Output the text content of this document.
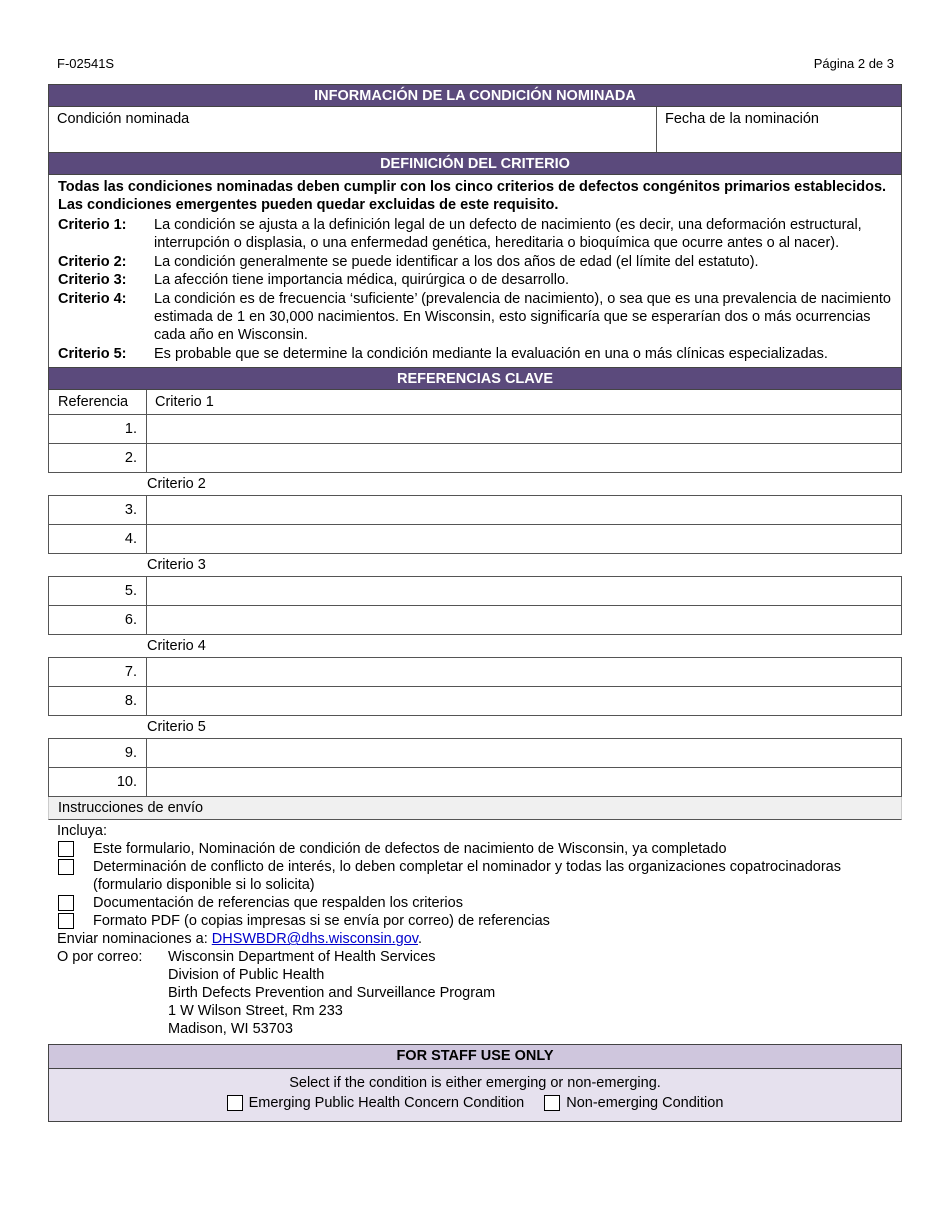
F-02541S	Página 2 de 3
INFORMACIÓN DE LA CONDICIÓN NOMINADA
Condición nominada	Fecha de la nominación
DEFINICIÓN DEL CRITERIO
Todas las condiciones nominadas deben cumplir con los cinco criterios de defectos congénitos primarios establecidos. Las condiciones emergentes pueden quedar excluidas de este requisito.
Criterio 1:	La condición se ajusta a la definición legal de un defecto de nacimiento (es decir, una deformación estructural, interrupción o displasia, o una enfermedad genética, hereditaria o bioquímica que ocurre antes o al nacer).
Criterio 2:	La condición generalmente se puede identificar a los dos años de edad (el límite del estatuto).
Criterio 3:	La afección tiene importancia médica, quirúrgica o de desarrollo.
Criterio 4:	La condición es de frecuencia ‘suficiente’ (prevalencia de nacimiento), o sea que es una prevalencia de nacimiento estimada de 1 en 30,000 nacimientos. En Wisconsin, esto significaría que se esperarían dos o más ocurrencias cada año en Wisconsin.
Criterio 5:	Es probable que se determine la condición mediante la evaluación en una o más clínicas especializadas.
REFERENCIAS CLAVE
Referencia	Criterio 1
1.
2.
Criterio 2
3.
4.
Criterio 3
5.
6.
Criterio 4
7.
8.
Criterio 5
9.
10.
Instrucciones de envío
Incluya:
Este formulario, Nominación de condición de defectos de nacimiento de Wisconsin, ya completado
Determinación de conflicto de interés, lo deben completar el nominador y todas las organizaciones copatrocinadoras (formulario disponible si lo solicita)
Documentación de referencias que respalden los criterios
Formato PDF (o copias impresas si se envía por correo) de referencias
Enviar nominaciones a: DHSWBDR@dhs.wisconsin.gov.
O por correo:	Wisconsin Department of Health Services
Division of Public Health
Birth Defects Prevention and Surveillance Program
1 W Wilson Street, Rm 233
Madison, WI 53703
FOR STAFF USE ONLY
Select if the condition is either emerging or non-emerging.
Emerging Public Health Concern Condition	Non-emerging Condition
